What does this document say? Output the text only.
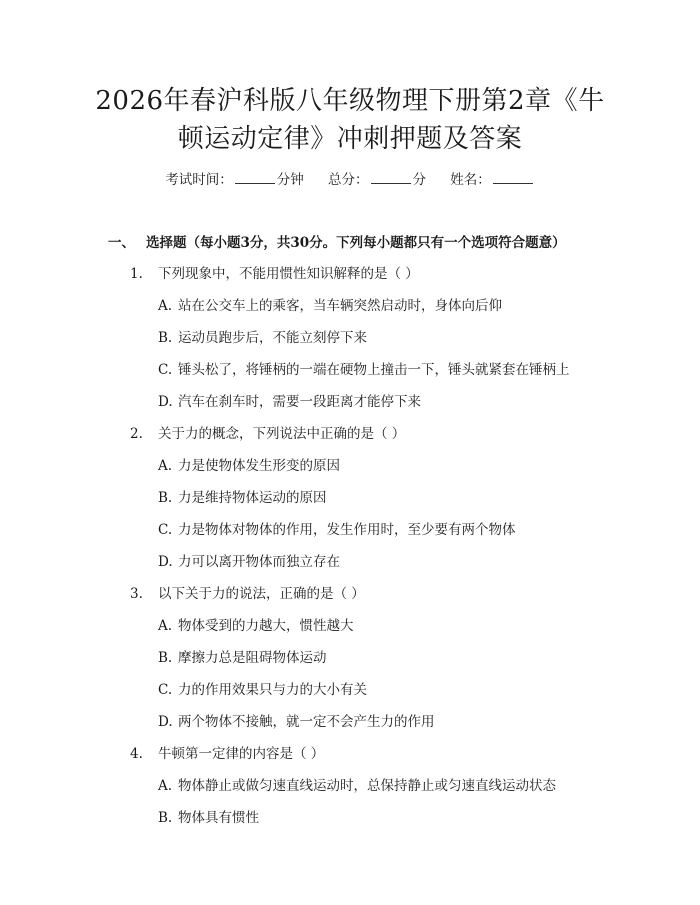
2026年春沪科版八年级物理下册第2章《牛
顿运动定律》冲刺押题及答案
考试时间：	分钟 总分：	分 姓名：
一、 选择题（每小题3分，共30分。下列每小题都只有一个选项符合题意）
1. 下列现象中，不能用惯性知识解释的是（ ）
A. 站在公交车上的乘客，当车辆突然启动时，身体向后仰
B. 运动员跑步后，不能立刻停下来
C. 锤头松了，将锤柄的一端在硬物上撞击一下，锤头就紧套在锤柄上
D. 汽车在刹车时，需要一段距离才能停下来
2. 关于力的概念，下列说法中正确的是（ ）
A. 力是使物体发生形变的原因
B. 力是维持物体运动的原因
C. 力是物体对物体的作用，发生作用时，至少要有两个物体
D. 力可以离开物体而独立存在
3. 以下关于力的说法，正确的是（ ）
A. 物体受到的力越大，惯性越大
B. 摩擦力总是阻碍物体运动
C. 力的作用效果只与力的大小有关
D. 两个物体不接触，就一定不会产生力的作用
4. 牛顿第一定律的内容是（ ）
A. 物体静止或做匀速直线运动时，总保持静止或匀速直线运动状态
B. 物体具有惯性
